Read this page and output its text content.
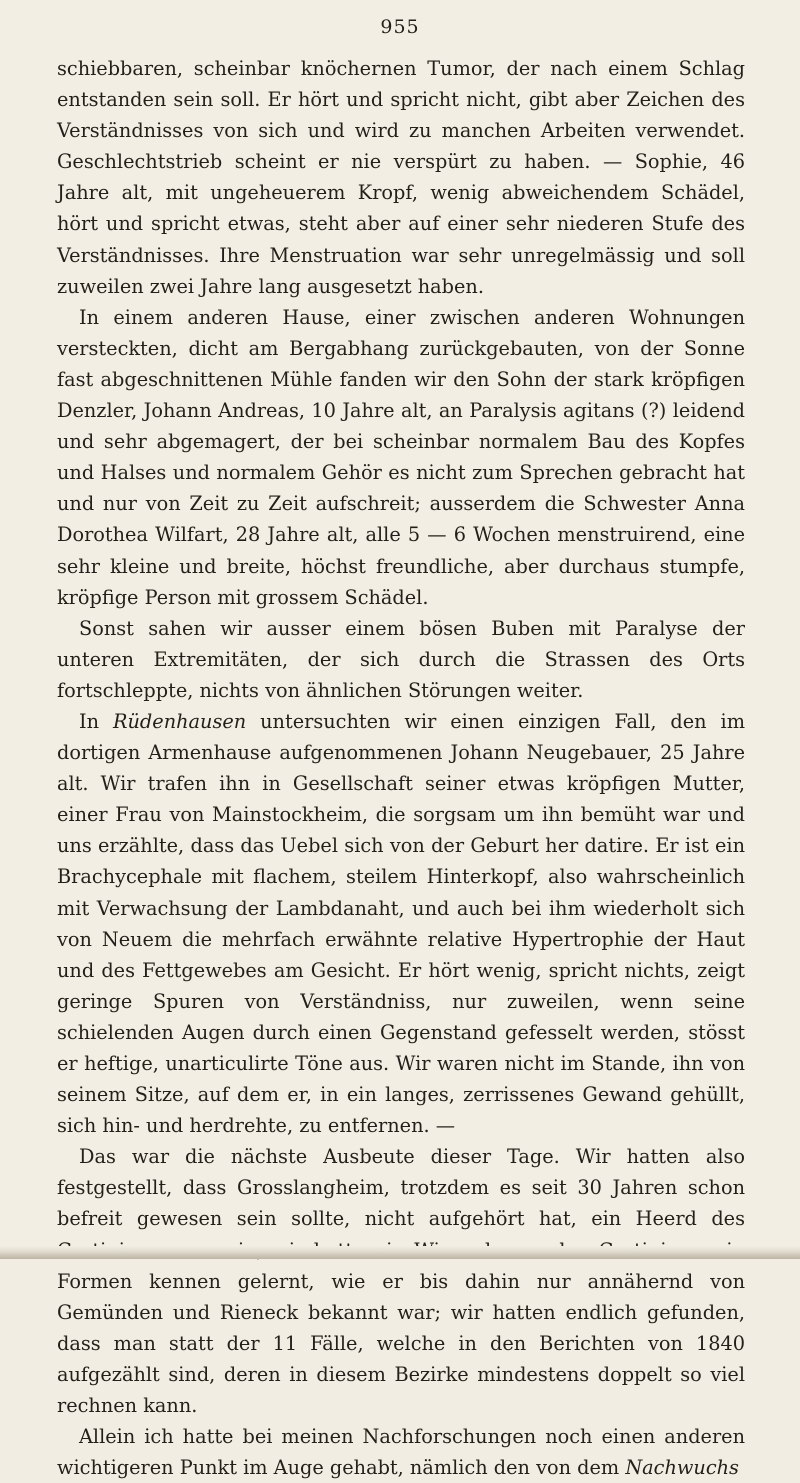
955

schiebbaren, scheinbar knöchernen Tumor, der nach einem Schlag entstanden sein soll. Er hört und spricht nicht, gibt aber Zeichen des Verständnisses von sich und wird zu manchen Arbeiten verwendet. Geschlechtstrieb scheint er nie verspürt zu haben. — Sophie, 46 Jahre alt, mit ungeheuerem Kropf, wenig abweichendem Schädel, hört und spricht etwas, steht aber auf einer sehr niederen Stufe des Verständnisses. Ihre Menstruation war sehr unregelmässig und soll zuweilen zwei Jahre lang ausgesetzt haben.

In einem anderen Hause, einer zwischen anderen Wohnungen versteckten, dicht am Bergabhang zurückgebauten, von der Sonne fast abgeschnittenen Mühle fanden wir den Sohn der stark kröpfigen Denzler, Johann Andreas, 10 Jahre alt, an Paralysis agitans (?) leidend und sehr abgemagert, der bei scheinbar normalem Bau des Kopfes und Halses und normalem Gehör es nicht zum Sprechen gebracht hat und nur von Zeit zu Zeit aufschreit; ausserdem die Schwester Anna Dorothea Wilfart, 28 Jahre alt, alle 5 — 6 Wochen menstruirend, eine sehr kleine und breite, höchst freundliche, aber durchaus stumpfe, kröpfige Person mit grossem Schädel.

Sonst sahen wir ausser einem bösen Buben mit Paralyse der unteren Extremitäten, der sich durch die Strassen des Orts fortschleppte, nichts von ähnlichen Störungen weiter.

In Rüdenhausen untersuchten wir einen einzigen Fall, den im dortigen Armenhause aufgenommenen Johann Neugebauer, 25 Jahre alt. Wir trafen ihn in Gesellschaft seiner etwas kröpfigen Mutter, einer Frau von Mainstockheim, die sorgsam um ihn bemüht war und uns erzählte, dass das Uebel sich von der Geburt her datire. Er ist ein Brachycephale mit flachem, steilem Hinterkopf, also wahrscheinlich mit Verwachsung der Lambdanaht, und auch bei ihm wiederholt sich von Neuem die mehrfach erwähnte relative Hypertrophie der Haut und des Fettgewebes am Gesicht. Er hört wenig, spricht nichts, zeigt geringe Spuren von Verständniss, nur zuweilen, wenn seine schielenden Augen durch einen Gegenstand gefesselt werden, stösst er heftige, unarticulirte Töne aus. Wir waren nicht im Stande, ihn von seinem Sitze, auf dem er, in ein langes, zerrissenes Gewand gehüllt, sich hin- und herdrehte, zu entfernen. —

Das war die nächste Ausbeute dieser Tage. Wir hatten also festgestellt, dass Grosslangheim, trotzdem es seit 30 Jahren schon befreit gewesen sein sollte, nicht aufgehört hat, ein Heerd des Formen kennen gelernt, wie er bis dahin nur annähernd von Gemünden und Rieneck bekannt war; wir hatten endlich gefunden, dass man statt der 11 Fälle, welche in den Berichten von 1840 aufgezählt sind, deren in diesem Bezirke mindestens doppelt so viel rechnen kann.

Allein ich hatte bei meinen Nachforschungen noch einen anderen wichtigeren Punkt im Auge gehabt, nämlich den von dem Nachwuchs
